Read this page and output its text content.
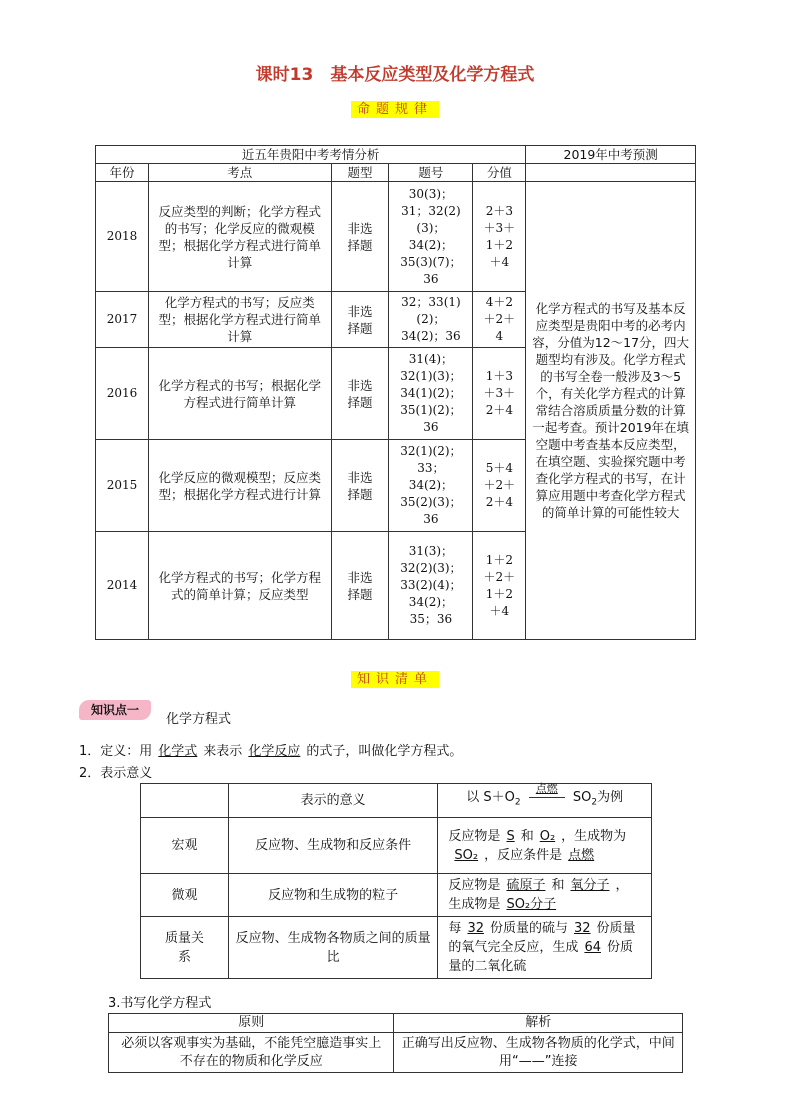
课时13　基本反应类型及化学方程式
命题规律
近五年贵阳中考考情分析					2019年中考预测
年份	考点	题型	题号	分值	
2018	反应类型的判断；化学方程式的书写；化学反应的微观模型；根据化学方程式进行简单计算	非选择题	30(3)；31；32(2)(3)；34(2)；35(3)(7)；36	2＋3＋3＋1＋2＋4	化学方程式的书写及基本反应类型是贵阳中考的必考内容，分值为12～17分，四大题型均有涉及。化学方程式的书写全卷一般涉及3～5个，有关化学方程式的计算常结合溶质质量分数的计算一起考查。预计2019年在填空题中考查基本反应类型，在填空题、实验探究题中考查化学方程式的书写，在计算应用题中考查化学方程式的简单计算的可能性较大
2017	化学方程式的书写；反应类型；根据化学方程式进行简单计算	非选择题	32；33(1)(2)；34(2)；36	4＋2＋2＋4	
2016	化学方程式的书写；根据化学方程式进行简单计算	非选择题	31(4)；32(1)(3)；34(1)(2)；35(1)(2)；36	1＋3＋3＋2＋4	
2015	化学反应的微观模型；反应类型；根据化学方程式进行计算	非选择题	32(1)(2)；33；34(2)；35(2)(3)；36	5＋4＋2＋2＋4	
2014	化学方程式的书写；化学方程式的简单计算；反应类型	非选择题	31(3)；32(2)(3)；33(2)(4)；34(2)；35；36	1＋2＋2＋1＋2＋4	
知识清单
知识点一
化学方程式
1．定义：用 化学式 来表示 化学反应 的式子，叫做化学方程式。
2．表示意义
	表示的意义	以 $S+O_2$
点燃
$SO_2$为例
宏观	反应物、生成物和反应条件	反应物是 S 和 O₂ ，生成物为SO₂ ，反应条件是 点燃
微观	反应物和生成物的粒子	反应物是 硫原子 和 氧分子 ，生成物是 SO₂分子
质量关系	反应物、生成物各物质之间的质量比	每 32 份质量的硫与 32 份质量的氧气完全反应，生成 64 份质量的二氧化硫
3.书写化学方程式
原则	解析
必须以客观事实为基础，不能凭空臆造事实上不存在的物质和化学反应	正确写出反应物、生成物各物质的化学式，中间用“——”连接
